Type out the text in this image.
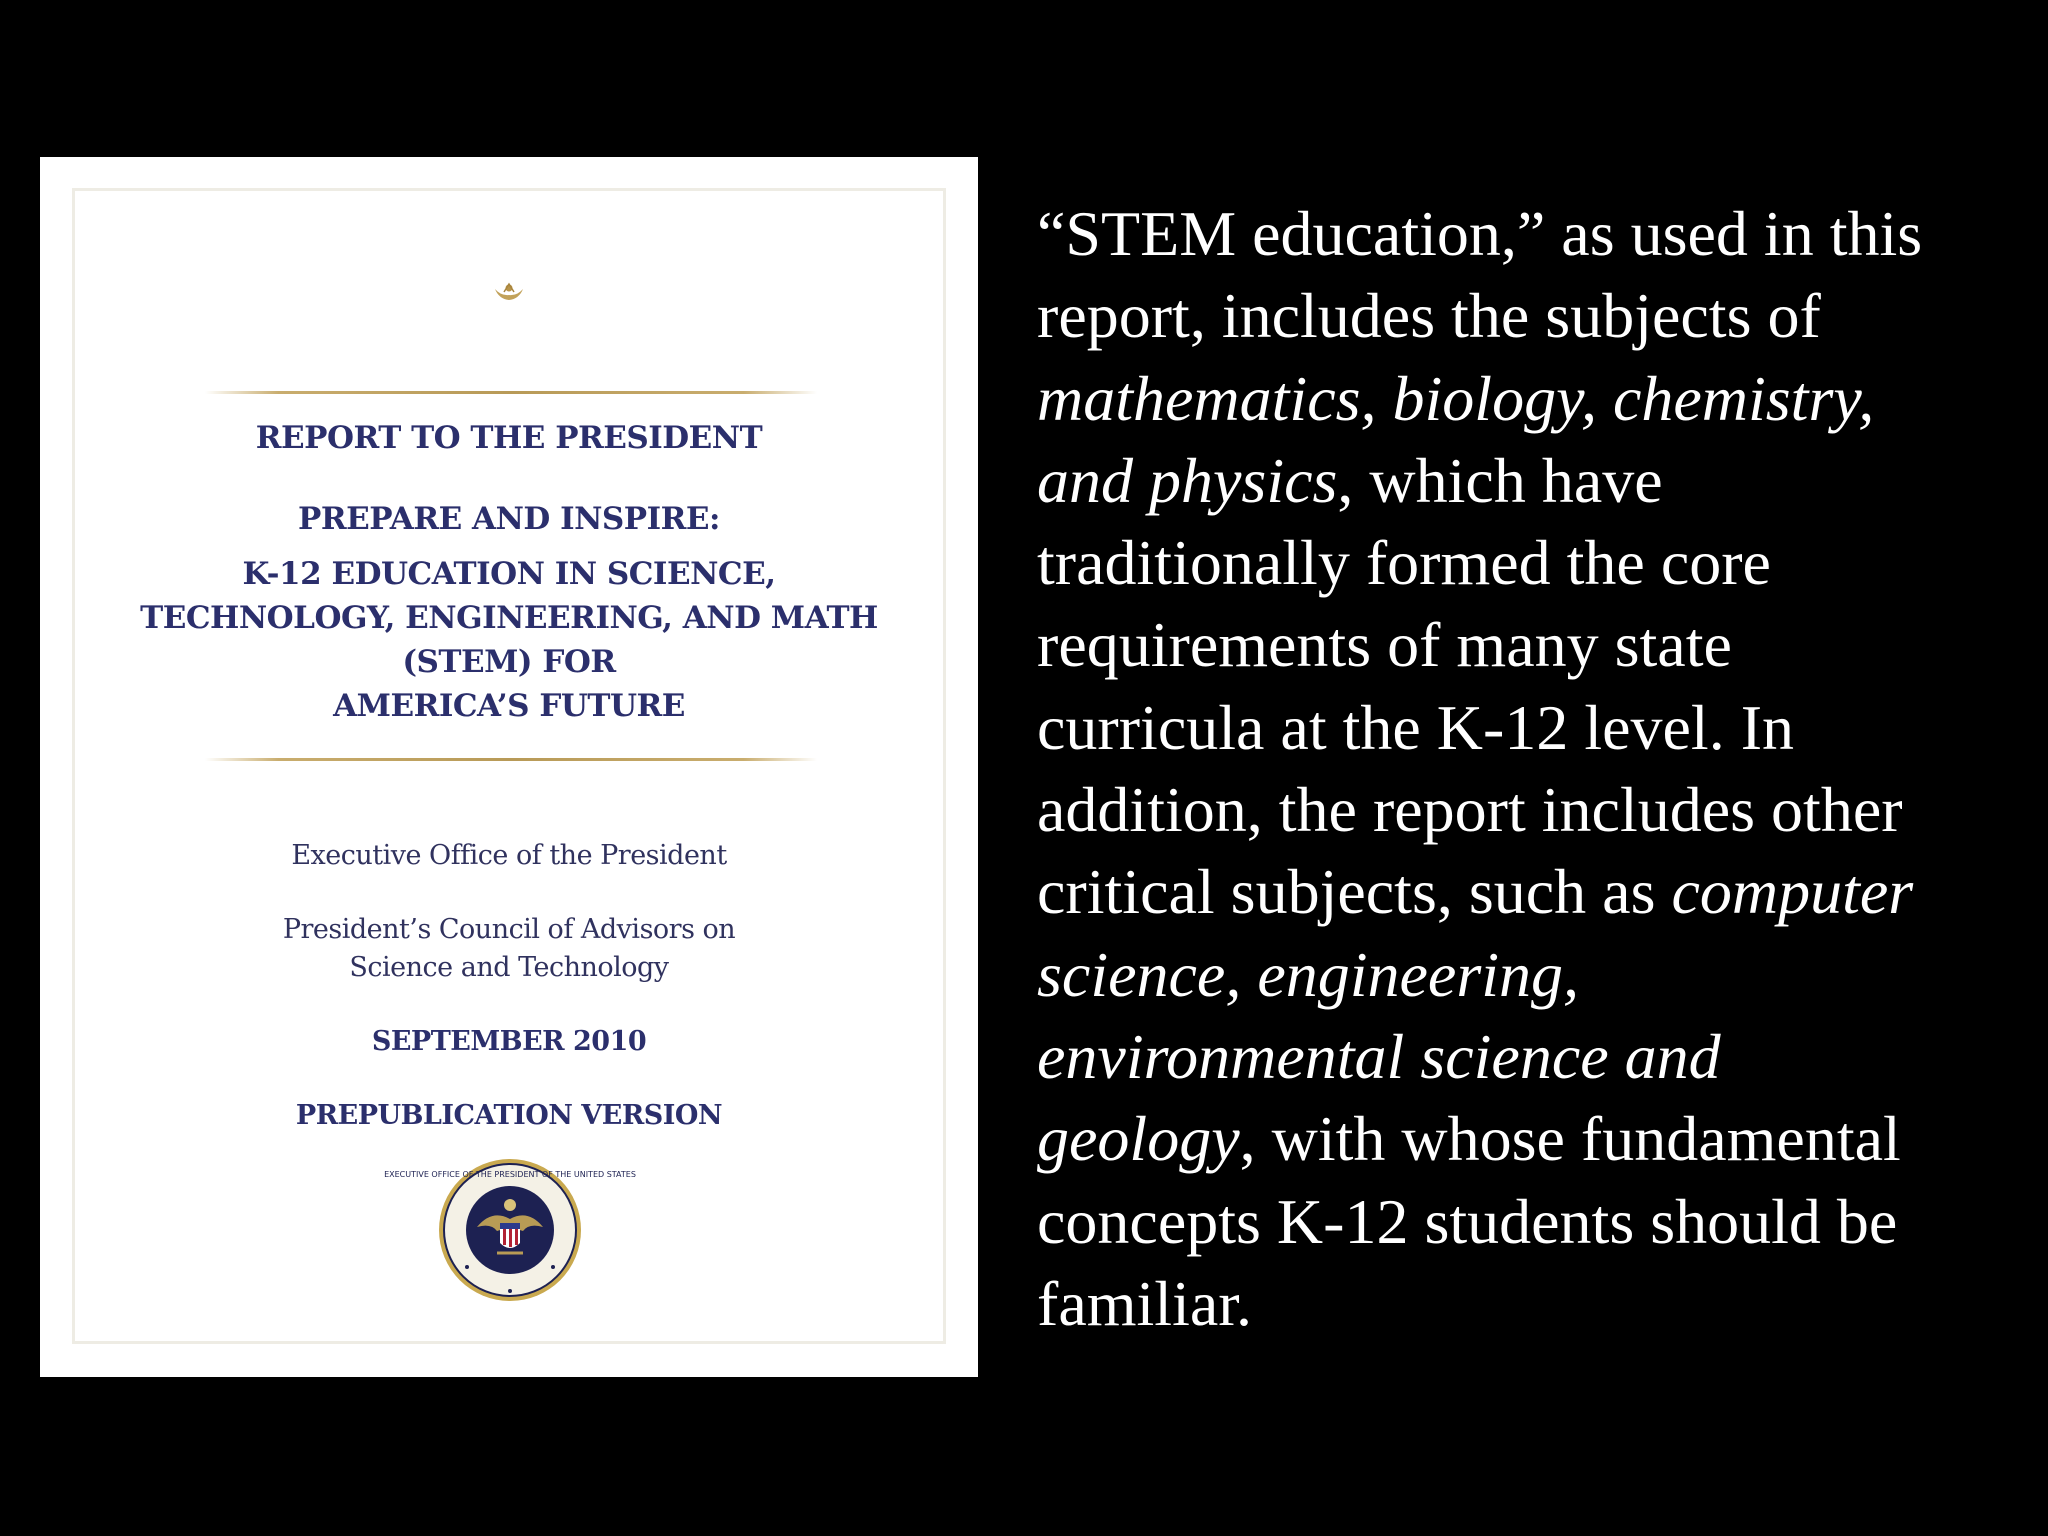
REPORT TO THE PRESIDENT
PREPARE AND INSPIRE:
K-12 EDUCATION IN SCIENCE,
TECHNOLOGY, ENGINEERING, AND MATH
(STEM) FOR
AMERICA’S FUTURE
Executive Office of the President
President’s Council of Advisors on
Science and Technology
SEPTEMBER 2010
PREPUBLICATION VERSION
EXECUTIVE OFFICE OF THE PRESIDENT OF THE UNITED STATES
“STEM education,” as used in this
report, includes the subjects of
mathematics, biology, chemistry,
and physics, which have
traditionally formed the core
requirements of many state
curricula at the K-12 level. In
addition, the report includes other
critical subjects, such as computer
science, engineering,
environmental science and
geology, with whose fundamental
concepts K-12 students should be
familiar.
